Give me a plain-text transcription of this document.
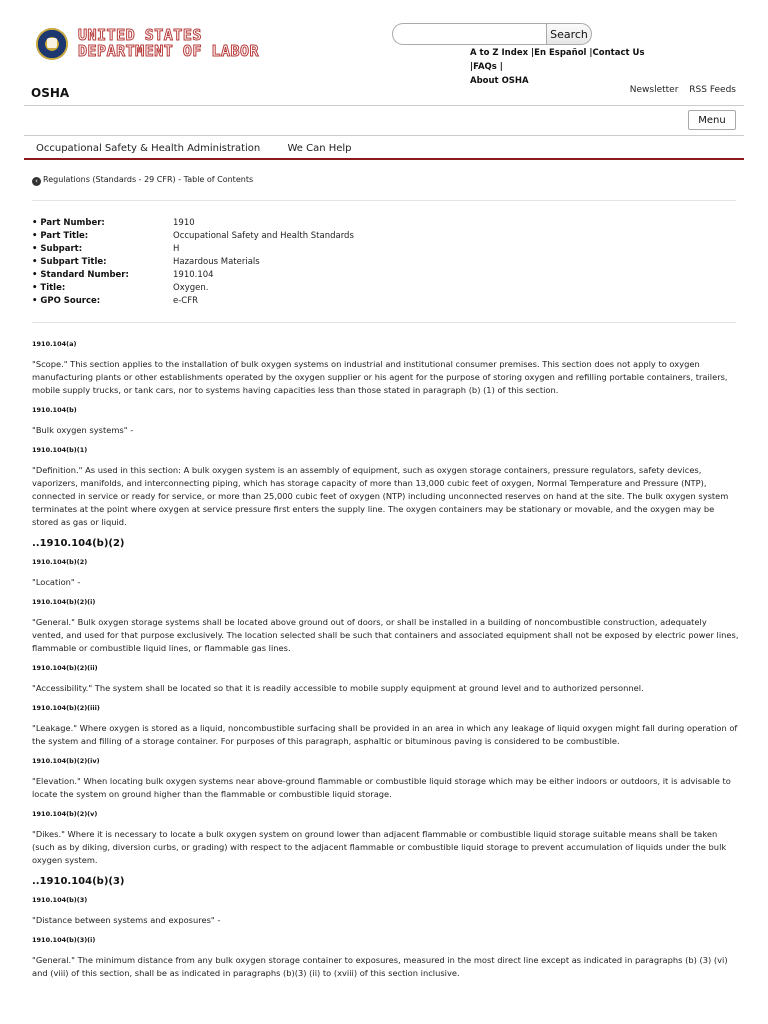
UNITED STATES
DEPARTMENT OF LABOR
Search
A to Z Index |En Español |Contact Us |FAQs |
About OSHA
OSHA	Newsletter RSS Feeds
Menu
Occupational Safety & Health Administration	We Can Help
‹ Regulations (Standards - 29 CFR) - Table of Contents
• Part Number:	1910
• Part Title:	Occupational Safety and Health Standards
• Subpart:	H
• Subpart Title:	Hazardous Materials
• Standard Number:	1910.104
• Title:	Oxygen.
• GPO Source:	e-CFR
1910.104(a)
"Scope." This section applies to the installation of bulk oxygen systems on industrial and institutional consumer premises. This section does not apply to oxygen manufacturing plants or other establishments operated by the oxygen supplier or his agent for the purpose of storing oxygen and refilling portable containers, trailers, mobile supply trucks, or tank cars, nor to systems having capacities less than those stated in paragraph (b) (1) of this section.
1910.104(b)
"Bulk oxygen systems" -
1910.104(b)(1)
"Definition." As used in this section: A bulk oxygen system is an assembly of equipment, such as oxygen storage containers, pressure regulators, safety devices, vaporizers, manifolds, and interconnecting piping, which has storage capacity of more than 13,000 cubic feet of oxygen, Normal Temperature and Pressure (NTP), connected in service or ready for service, or more than 25,000 cubic feet of oxygen (NTP) including unconnected reserves on hand at the site. The bulk oxygen system terminates at the point where oxygen at service pressure first enters the supply line. The oxygen containers may be stationary or movable, and the oxygen may be stored as gas or liquid.
..1910.104(b)(2)
1910.104(b)(2)
"Location" -
1910.104(b)(2)(i)
"General." Bulk oxygen storage systems shall be located above ground out of doors, or shall be installed in a building of noncombustible construction, adequately vented, and used for that purpose exclusively. The location selected shall be such that containers and associated equipment shall not be exposed by electric power lines, flammable or combustible liquid lines, or flammable gas lines.
1910.104(b)(2)(ii)
"Accessibility." The system shall be located so that it is readily accessible to mobile supply equipment at ground level and to authorized personnel.
1910.104(b)(2)(iii)
"Leakage." Where oxygen is stored as a liquid, noncombustible surfacing shall be provided in an area in which any leakage of liquid oxygen might fall during operation of the system and filling of a storage container. For purposes of this paragraph, asphaltic or bituminous paving is considered to be combustible.
1910.104(b)(2)(iv)
"Elevation." When locating bulk oxygen systems near above-ground flammable or combustible liquid storage which may be either indoors or outdoors, it is advisable to locate the system on ground higher than the flammable or combustible liquid storage.
1910.104(b)(2)(v)
"Dikes." Where it is necessary to locate a bulk oxygen system on ground lower than adjacent flammable or combustible liquid storage suitable means shall be taken (such as by diking, diversion curbs, or grading) with respect to the adjacent flammable or combustible liquid storage to prevent accumulation of liquids under the bulk oxygen system.
..1910.104(b)(3)
1910.104(b)(3)
"Distance between systems and exposures" -
1910.104(b)(3)(i)
"General." The minimum distance from any bulk oxygen storage container to exposures, measured in the most direct line except as indicated in paragraphs (b) (3) (vi) and (viii) of this section, shall be as indicated in paragraphs (b)(3) (ii) to (xviii) of this section inclusive.
